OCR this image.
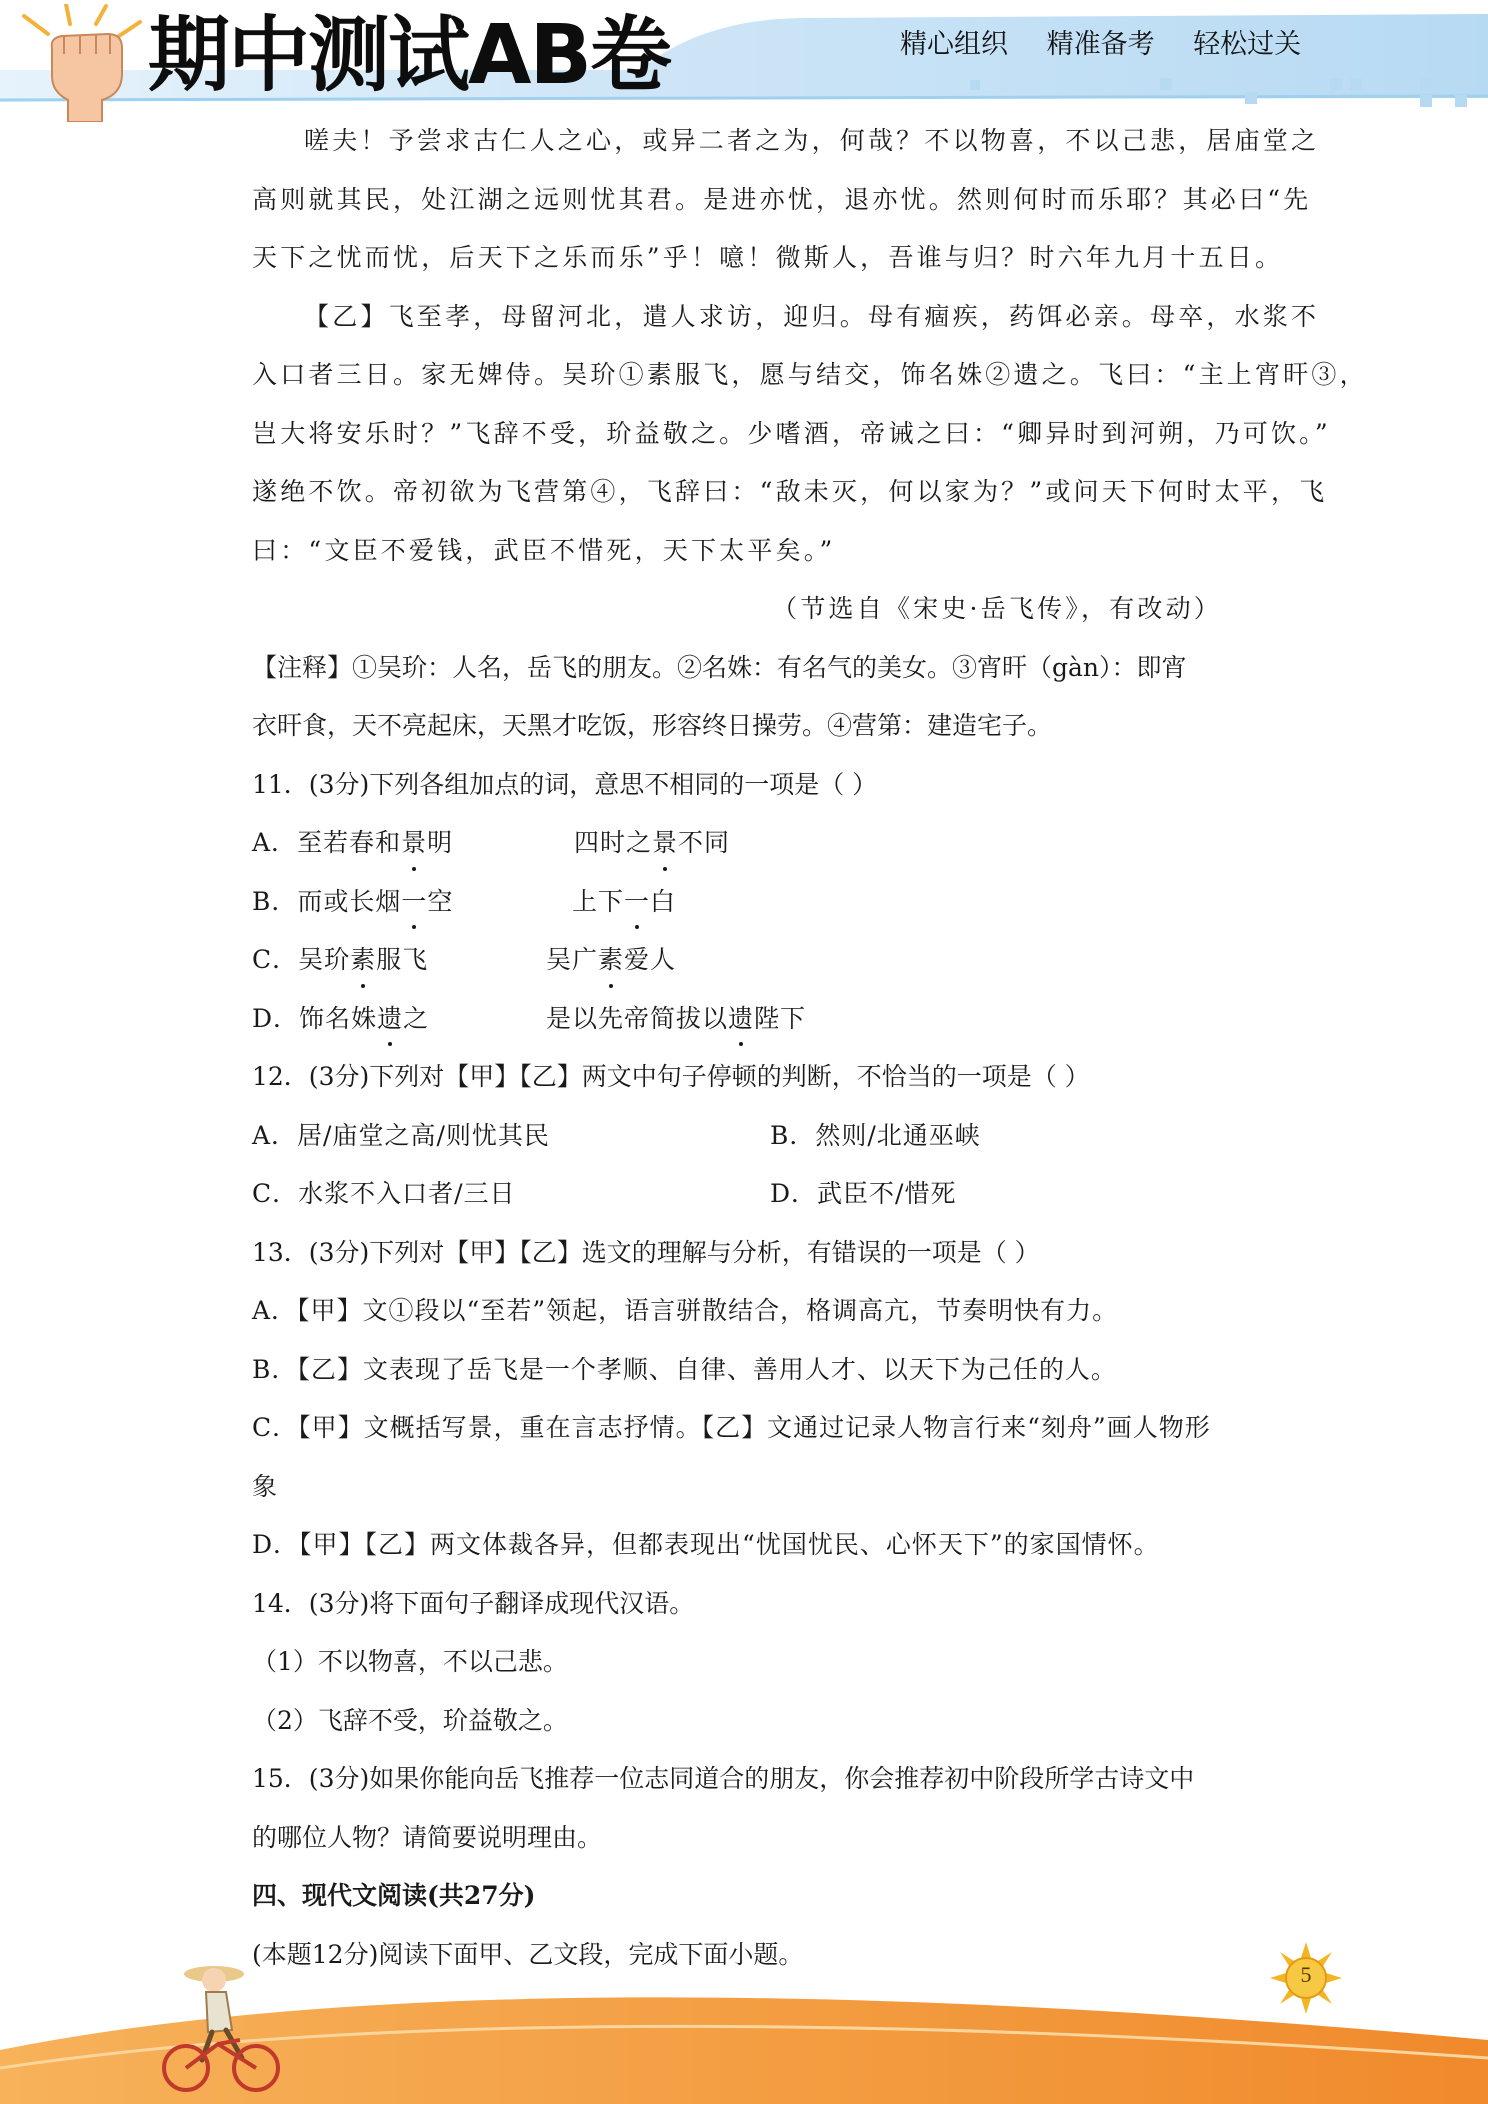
期中测试AB卷	精心组织 精准备考 轻松过关
嗟夫！予尝求古仁人之心，或异二者之为，何哉？不以物喜，不以己悲，居庙堂之
高则就其民，处江湖之远则忧其君。是进亦忧，退亦忧。然则何时而乐耶？其必曰“先
天下之忧而忧，后天下之乐而乐”乎！噫！微斯人，吾谁与归？时六年九月十五日。
【乙】飞至孝，母留河北，遣人求访，迎归。母有痼疾，药饵必亲。母卒，水浆不
入口者三日。家无婢侍。吴玠①素服飞，愿与结交，饰名姝②遗之。飞曰：“主上宵旰③，
岂大将安乐时？”飞辞不受，玠益敬之。少嗜酒，帝诫之曰：“卿异时到河朔，乃可饮。”
遂绝不饮。帝初欲为飞营第④，飞辞曰：“敌未灭，何以家为？”或问天下何时太平，飞
曰：“文臣不爱钱，武臣不惜死，天下太平矣。”
（节选自《宋史·岳飞传》，有改动）
【注释】①吴玠：人名，岳飞的朋友。②名姝：有名气的美女。③宵旰（gàn）：即宵
衣旰食，天不亮起床，天黑才吃饭，形容终日操劳。④营第：建造宅子。
11．(3分)下列各组加点的词，意思不相同的一项是（ ）
A．至若春和景明	四时之景不同
B．而或长烟一空	上下一白
C．吴玠素服飞	吴广素爱人
D．饰名姝遗之	是以先帝简拔以遗陛下
12．(3分)下列对【甲】【乙】两文中句子停顿的判断，不恰当的一项是（ ）
A．居/庙堂之高/则忧其民	B．然则/北通巫峡
C．水浆不入口者/三日	D．武臣不/惜死
13．(3分)下列对【甲】【乙】选文的理解与分析，有错误的一项是（ ）
A．【甲】文①段以“至若”领起，语言骈散结合，格调高亢，节奏明快有力。
B．【乙】文表现了岳飞是一个孝顺、自律、善用人才、以天下为己任的人。
C．【甲】文概括写景，重在言志抒情。【乙】文通过记录人物言行来“刻舟”画人物形
象
D．【甲】【乙】两文体裁各异，但都表现出“忧国忧民、心怀天下”的家国情怀。
14．(3分)将下面句子翻译成现代汉语。
（1）不以物喜，不以己悲。
（2）飞辞不受，玠益敬之。
15．(3分)如果你能向岳飞推荐一位志同道合的朋友，你会推荐初中阶段所学古诗文中
的哪位人物？请简要说明理由。
四、现代文阅读(共27分)
(本题12分)阅读下面甲、乙文段，完成下面小题。
5
